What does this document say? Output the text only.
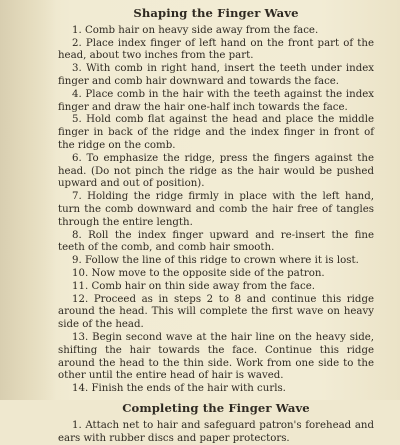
Shaping the Finger Wave

1. Comb hair on heavy side away from the face.

2. Place index finger of left hand on the front part of the head, about two inches from the part.

3. With comb in right hand, insert the teeth under index finger and comb hair downward and towards the face.

4. Place comb in the hair with the teeth against the index finger and draw the hair one-half inch towards the face.

5. Hold comb flat against the head and place the middle finger in back of the ridge and the index finger in front of the ridge on the comb.

6. To emphasize the ridge, press the fingers against the head. (Do not pinch the ridge as the hair would be pushed upward and out of position).

7. Holding the ridge firmly in place with the left hand, turn the comb downward and comb the hair free of tangles through the entire length.

8. Roll the index finger upward and re-insert the fine teeth of the comb, and comb hair smooth.

9. Follow the line of this ridge to crown where it is lost.

10. Now move to the opposite side of the patron.

11. Comb hair on thin side away from the face.

12. Proceed as in steps 2 to 8 and continue this ridge around the head. This will complete the first wave on heavy side of the head.

13. Begin second wave at the hair line on the heavy side, shifting the hair towards the face. Continue this ridge around the head to the thin side. Work from one side to the other until the entire head of hair is waved.

14. Finish the ends of the hair with curls.

Completing the Finger Wave

1. Attach net to hair and safeguard patron's forehead and ears with rubber discs and paper protectors.
